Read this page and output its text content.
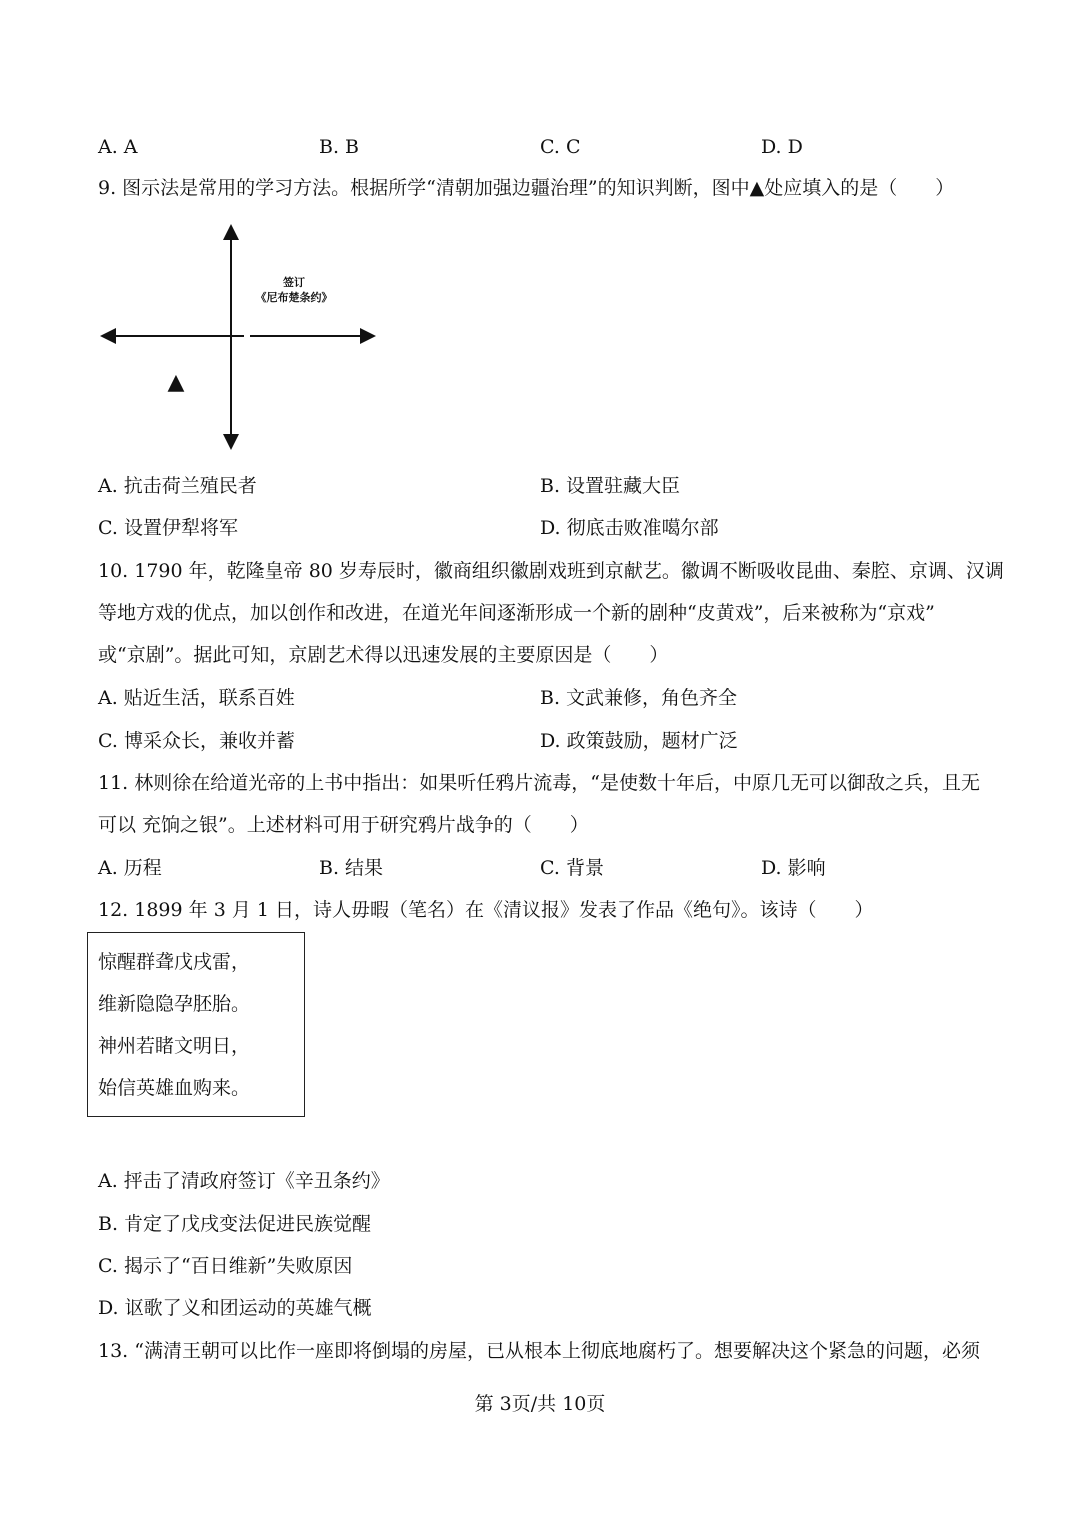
A. A	B. B	C. C	D. D
9. 图示法是常用的学习方法。根据所学“清朝加强边疆治理”的知识判断，图中▲处应填入的是（　　）
签订
《尼布楚条约》
▲
A. 抗击荷兰殖民者	B. 设置驻藏大臣
C. 设置伊犁将军	D. 彻底击败准噶尔部
10. 1790 年，乾隆皇帝 80 岁寿辰时，徽商组织徽剧戏班到京献艺。徽调不断吸收昆曲、秦腔、京调、汉调
等地方戏的优点，加以创作和改进，在道光年间逐渐形成一个新的剧种“皮黄戏”，后来被称为“京戏”
或“京剧”。据此可知，京剧艺术得以迅速发展的主要原因是（　　）
A. 贴近生活，联系百姓	B. 文武兼修，角色齐全
C. 博采众长，兼收并蓄	D. 政策鼓励，题材广泛
11. 林则徐在给道光帝的上书中指出：如果听任鸦片流毒，“是使数十年后，中原几无可以御敌之兵，且无
可以 充饷之银”。上述材料可用于研究鸦片战争的（　　）
A. 历程	B. 结果	C. 背景	D. 影响
12. 1899 年 3 月 1 日，诗人毋暇（笔名）在《清议报》发表了作品《绝句》。该诗（　　）
惊醒群聋戊戌雷，
维新隐隐孕胚胎。
神州若睹文明日，
始信英雄血购来。
A. 抨击了清政府签订《辛丑条约》
B. 肯定了戊戌变法促进民族觉醒
C. 揭示了“百日维新”失败原因
D. 讴歌了义和团运动的英雄气概
13. “满清王朝可以比作一座即将倒塌的房屋，已从根本上彻底地腐朽了。想要解决这个紧急的问题，必须
第 3页/共 10页
